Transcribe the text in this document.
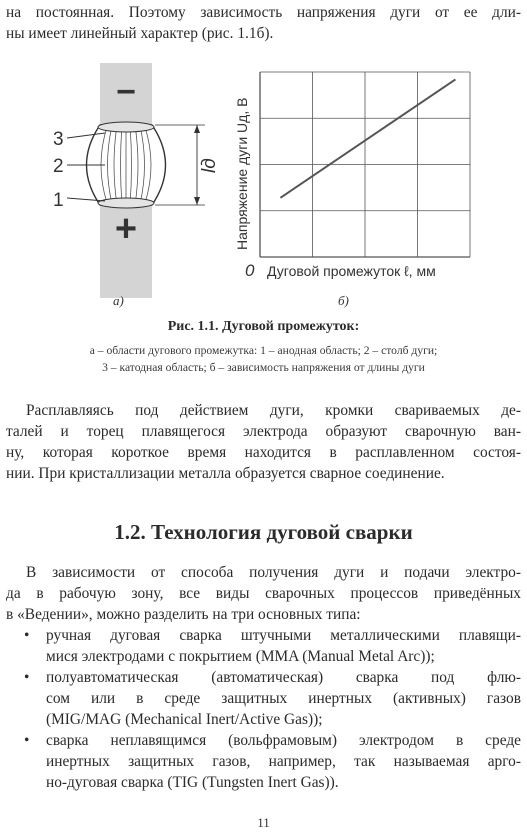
на постоянная. Поэтому зависимость напряжения дуги от ее дли-
ны имеет линейный характер (рис. 1.1б).
−
+
3
2
1
lд Напряжение дуги Uд, В
Дуговой промежуток ℓ, мм
0
а)	б)
Рис. 1.1. Дуговой промежуток:
а – области дугового промежутка: 1 – анодная область; 2 – столб дуги;
3 – катодная область; б – зависимость напряжения от длины дуги
Расплавляясь под действием дуги, кромки свариваемых де-
талей и торец плавящегося электрода образуют сварочную ван-
ну, которая короткое время находится в расплавленном состоя-
нии. При кристаллизации металла образуется сварное соединение.
1.2. Технология дуговой сварки
В зависимости от способа получения дуги и подачи электро-
да в рабочую зону, все виды сварочных процессов приведённых
в «Ведении», можно разделить на три основных типа:
• ручная дуговая сварка штучными металлическими плавящи-
мися электродами с покрытием (MMA (Manual Metal Arc));
• полуавтоматическая (автоматическая) сварка под флю-
сом или в среде защитных инертных (активных) газов
(MIG/MAG (Mechanical Inert/Active Gas));
• сварка неплавящимся (вольфрамовым) электродом в среде
инертных защитных газов, например, так называемая арго-
но-дуговая сварка (TIG (Tungsten Inert Gas)).
11
